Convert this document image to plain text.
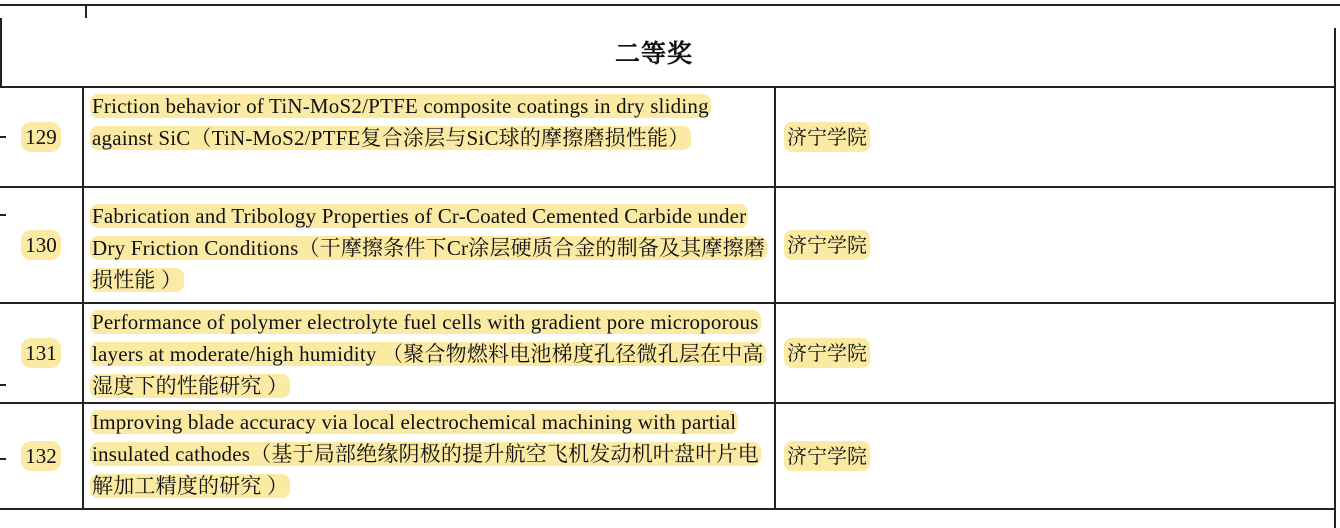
二等奖
129
Friction behavior of TiN-MoS2/PTFE composite coatings in dry sliding against SiC（TiN-MoS2/PTFE复合涂层与SiC球的摩擦磨损性能）	济宁学院
130
Fabrication and Tribology Properties of Cr-Coated Cemented Carbide under Dry Friction Conditions（干摩擦条件下Cr涂层硬质合金的制备及其摩擦磨损性能 ）
济宁学院
131
Performance of polymer electrolyte fuel cells with gradient pore microporous layers at moderate/high humidity （聚合物燃料电池梯度孔径微孔层在中高湿度下的性能研究 ）
济宁学院
132
Improving blade accuracy via local electrochemical machining with partial insulated cathodes（基于局部绝缘阴极的提升航空飞机发动机叶盘叶片电解加工精度的研究 ）
济宁学院
